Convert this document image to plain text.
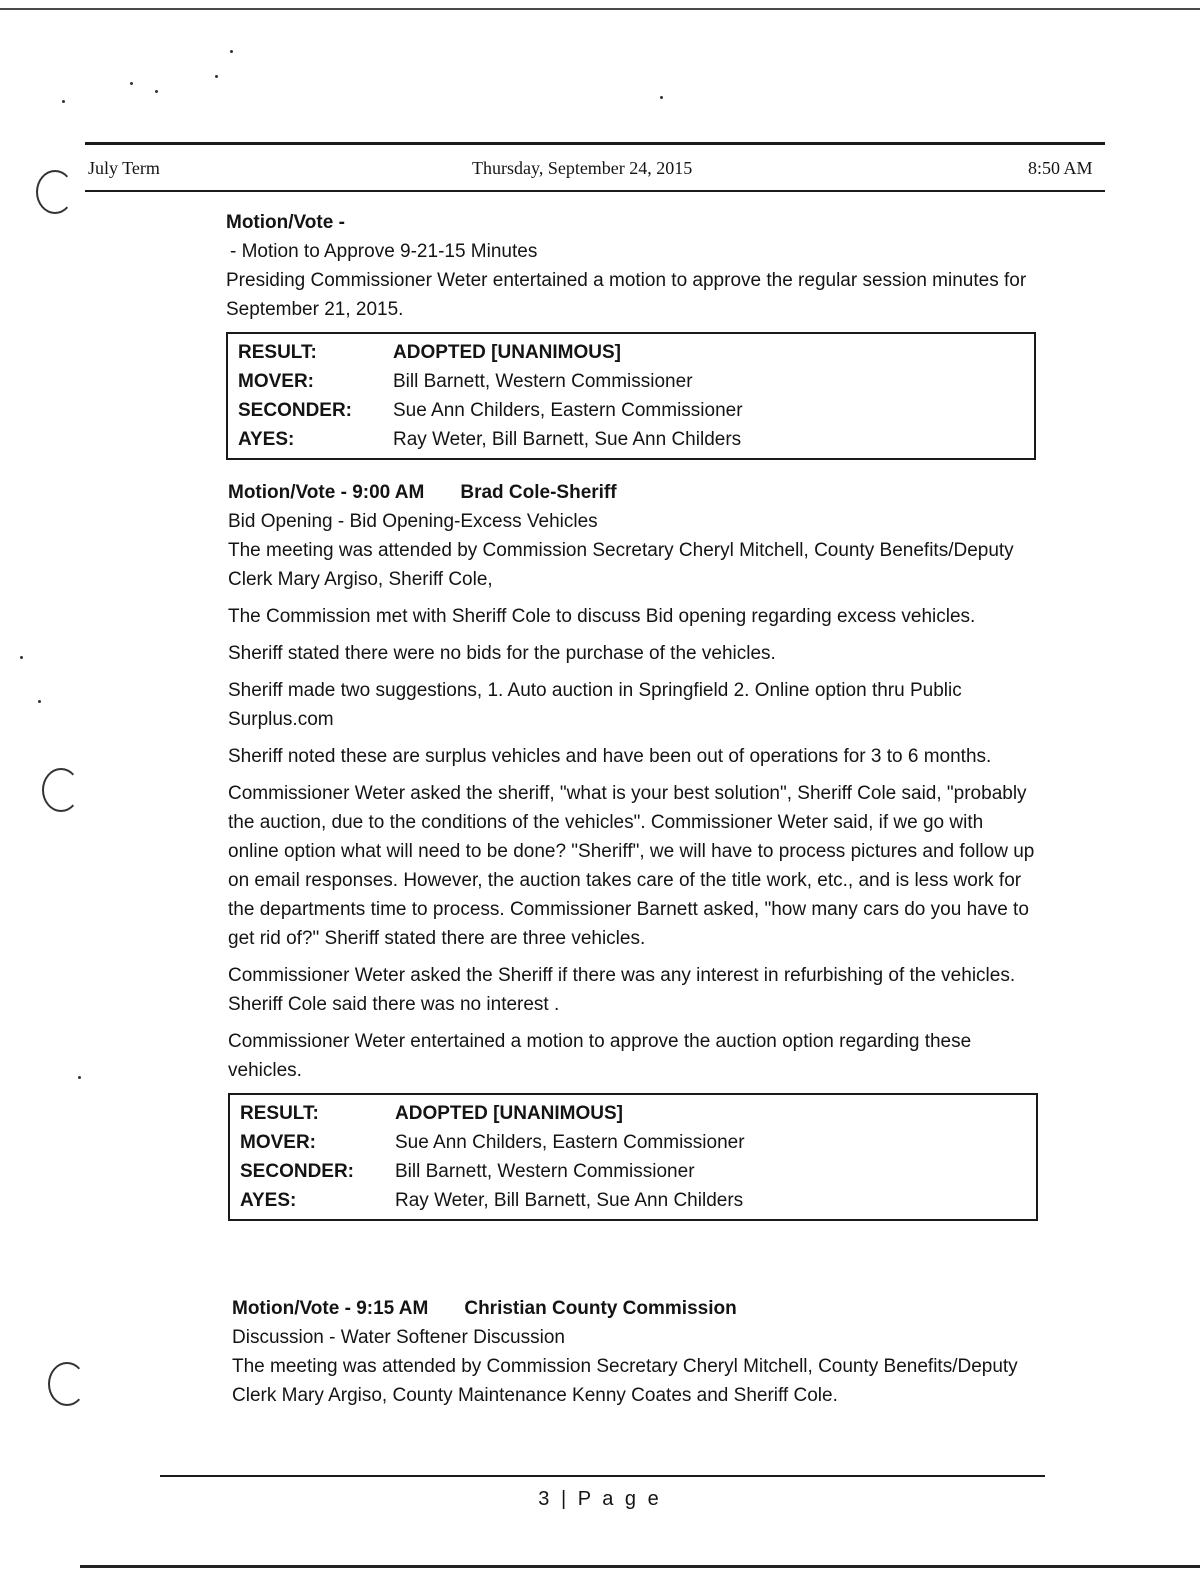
July Term	Thursday, September 24, 2015	8:50 AM

Motion/Vote -

- Motion to Approve 9-21-15 Minutes

Presiding Commissioner Weter entertained a motion to approve the regular session minutes for September 21, 2015.

RESULT:	ADOPTED [UNANIMOUS]
MOVER:	Bill Barnett, Western Commissioner
SECONDER:	Sue Ann Childers, Eastern Commissioner
AYES:	Ray Weter, Bill Barnett, Sue Ann Childers

Motion/Vote - 9:00 AM Brad Cole-Sheriff

Bid Opening - Bid Opening-Excess Vehicles

The meeting was attended by Commission Secretary Cheryl Mitchell, County Benefits/Deputy Clerk Mary Argiso, Sheriff Cole,

The Commission met with Sheriff Cole to discuss Bid opening regarding excess vehicles.

Sheriff stated there were no bids for the purchase of the vehicles.

Sheriff made two suggestions, 1. Auto auction in Springfield 2. Online option thru Public Surplus.com

Sheriff noted these are surplus vehicles and have been out of operations for 3 to 6 months.

Commissioner Weter asked the sheriff, "what is your best solution", Sheriff Cole said, "probably the auction, due to the conditions of the vehicles". Commissioner Weter said, if we go with online option what will need to be done? "Sheriff", we will have to process pictures and follow up on email responses. However, the auction takes care of the title work, etc., and is less work for the departments time to process. Commissioner Barnett asked, "how many cars do you have to get rid of?" Sheriff stated there are three vehicles.

Commissioner Weter asked the Sheriff if there was any interest in refurbishing of the vehicles. Sheriff Cole said there was no interest .

Commissioner Weter entertained a motion to approve the auction option regarding these vehicles.

RESULT:	ADOPTED [UNANIMOUS]
MOVER:	Sue Ann Childers, Eastern Commissioner
SECONDER:	Bill Barnett, Western Commissioner
AYES:	Ray Weter, Bill Barnett, Sue Ann Childers

Motion/Vote - 9:15 AM Christian County Commission

Discussion - Water Softener Discussion

The meeting was attended by Commission Secretary Cheryl Mitchell, County Benefits/Deputy Clerk Mary Argiso, County Maintenance Kenny Coates and Sheriff Cole.

3 | P a g e
